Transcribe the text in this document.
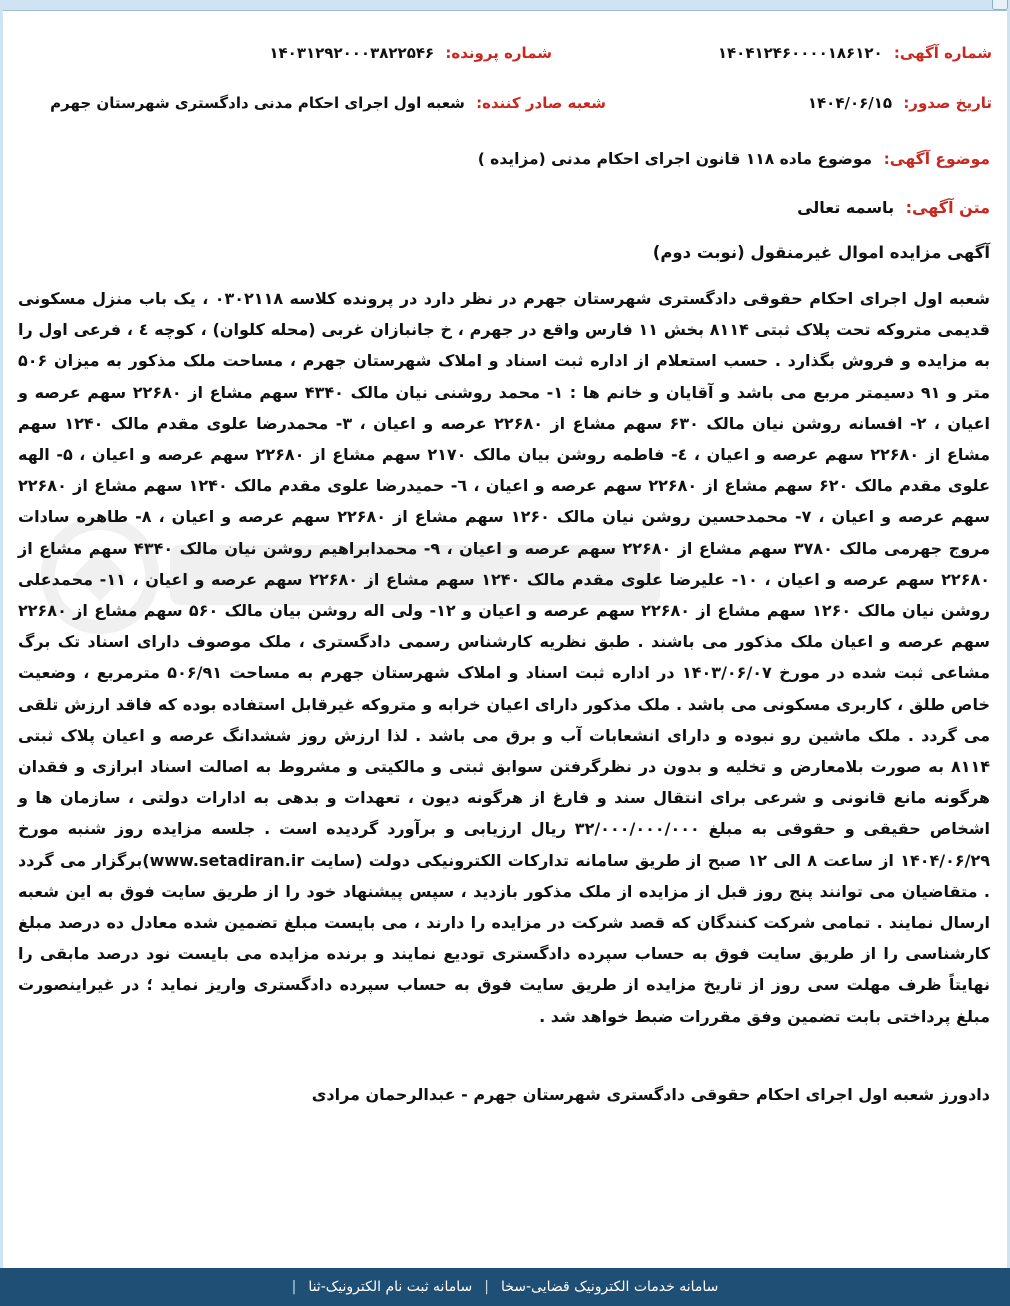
شماره آگهی: ۱۴۰۴۱۲۴۶۰۰۰۰۱۸۶۱۲۰
شماره پرونده: ۱۴۰۳۱۲۹۲۰۰۰۳۸۲۲۵۴۶
تاریخ صدور: ۱۴۰۴/۰۶/۱۵
شعبه صادر کننده: شعبه اول اجرای احکام مدنی دادگستری شهرستان جهرم
موضوع آگهی: موضوع ماده ۱۱۸ قانون اجرای احکام مدنی (مزایده )
متن آگهی: باسمه تعالی
آگهی مزایده اموال غیرمنقول (نوبت دوم)
شعبه اول اجرای احکام حقوقی دادگستری شهرستان جهرم در نظر دارد در پرونده کلاسه ۰۳۰۲۱۱۸ ، یک باب منزل مسکونی قدیمی متروکه تحت پلاک ثبتی ۸۱۱۴ بخش ۱۱ فارس واقع در جهرم ، خ جانبازان غربی (محله کلوان) ، کوچه ٤ ، فرعی اول را به مزایده و فروش بگذارد . حسب استعلام از اداره ثبت اسناد و املاک شهرستان جهرم ، مساحت ملک مذکور به میزان ۵۰۶ متر و ۹۱ دسیمتر مربع می باشد و آقایان و خانم ها : ۱- محمد روشنی نیان مالک ۴۳۴۰ سهم مشاع از ۲۲۶۸۰ سهم عرصه و اعیان ، ۲- افسانه روشن نیان مالک ۶۳۰ سهم مشاع از ۲۲۶۸۰ عرصه و اعیان ، ۳- محمدرضا علوی مقدم مالک ۱۲۴۰ سهم مشاع از ۲۲۶۸۰ سهم عرصه و اعیان ، ٤- فاطمه روشن بیان مالک ۲۱۷۰ سهم مشاع از ۲۲۶۸۰ سهم عرصه و اعیان ، ۵- الهه علوی مقدم مالک ۶۲۰ سهم مشاع از ۲۲۶۸۰ سهم عرصه و اعیان ، ٦- حمیدرضا علوی مقدم مالک ۱۲۴۰ سهم مشاع از ۲۲۶۸۰ سهم عرصه و اعیان ، ۷- محمدحسین روشن نیان مالک ۱۲۶۰ سهم مشاع از ۲۲۶۸۰ سهم عرصه و اعیان ، ۸- طاهره سادات مروج جهرمی مالک ۳۷۸۰ سهم مشاع از ۲۲۶۸۰ سهم عرصه و اعیان ، ۹- محمدابراهیم روشن نیان مالک ۴۳۴۰ سهم مشاع از ۲۲۶۸۰ سهم عرصه و اعیان ، ۱۰- علیرضا علوی مقدم مالک ۱۲۴۰ سهم مشاع از ۲۲۶۸۰ سهم عرصه و اعیان ، ۱۱- محمدعلی روشن نیان مالک ۱۲۶۰ سهم مشاع از ۲۲۶۸۰ سهم عرصه و اعیان و ۱۲- ولی اله روشن بیان مالک ۵۶۰ سهم مشاع از ۲۲۶۸۰ سهم عرصه و اعیان ملک مذکور می باشند . طبق نظریه کارشناس رسمی دادگستری ، ملک موصوف دارای اسناد تک برگ مشاعی ثبت شده در مورخ ۱۴۰۳/۰۶/۰۷ در اداره ثبت اسناد و املاک شهرستان جهرم به مساحت ۵۰۶/۹۱ مترمربع ، وضعیت خاص طلق ، کاربری مسکونی می باشد . ملک مذکور دارای اعیان خرابه و متروکه غیرقابل استفاده بوده که فاقد ارزش تلقی می گردد . ملک ماشین رو نبوده و دارای انشعابات آب و برق می باشد . لذا ارزش روز ششدانگ عرصه و اعیان پلاک ثبتی ۸۱۱۴ به صورت بلامعارض و تخلیه و بدون در نظرگرفتن سوابق ثبتی و مالکیتی و مشروط به اصالت اسناد ابرازی و فقدان هرگونه مانع قانونی و شرعی برای انتقال سند و فارغ از هرگونه دیون ، تعهدات و بدهی به ادارات دولتی ، سازمان ها و اشخاص حقیقی و حقوقی به مبلغ ۳۲/۰۰۰/۰۰۰/۰۰۰ ریال ارزیابی و برآورد گردیده است . جلسه مزایده روز شنبه مورخ ۱۴۰۴/۰۶/۲۹ از ساعت ۸ الی ۱۲ صبح از طریق سامانه تدارکات الکترونیکی دولت (سایت www.setadiran.ir)برگزار می گردد . متقاضیان می توانند پنج روز قبل از مزایده از ملک مذکور بازدید ، سپس پیشنهاد خود را از طریق سایت فوق به این شعبه ارسال نمایند . تمامی شرکت کنندگان که قصد شرکت در مزایده را دارند ، می بایست مبلغ تضمین شده معادل ده درصد مبلغ کارشناسی را از طریق سایت فوق به حساب سپرده دادگستری تودیع نمایند و برنده مزایده می بایست نود درصد مابقی را نهایتاً ظرف مهلت سی روز از تاریخ مزایده از طریق سایت فوق به حساب سپرده دادگستری واریز نماید ؛ در غیراینصورت مبلغ پرداختی بابت تضمین وفق مقررات ضبط خواهد شد .
دادورز شعبه اول اجرای احکام حقوقی دادگستری شهرستان جهرم - عبدالرحمان مرادی
سامانه خدمات الکترونیک قضایی-سخا
|
سامانه ثبت نام الکترونیک-ثنا
|
